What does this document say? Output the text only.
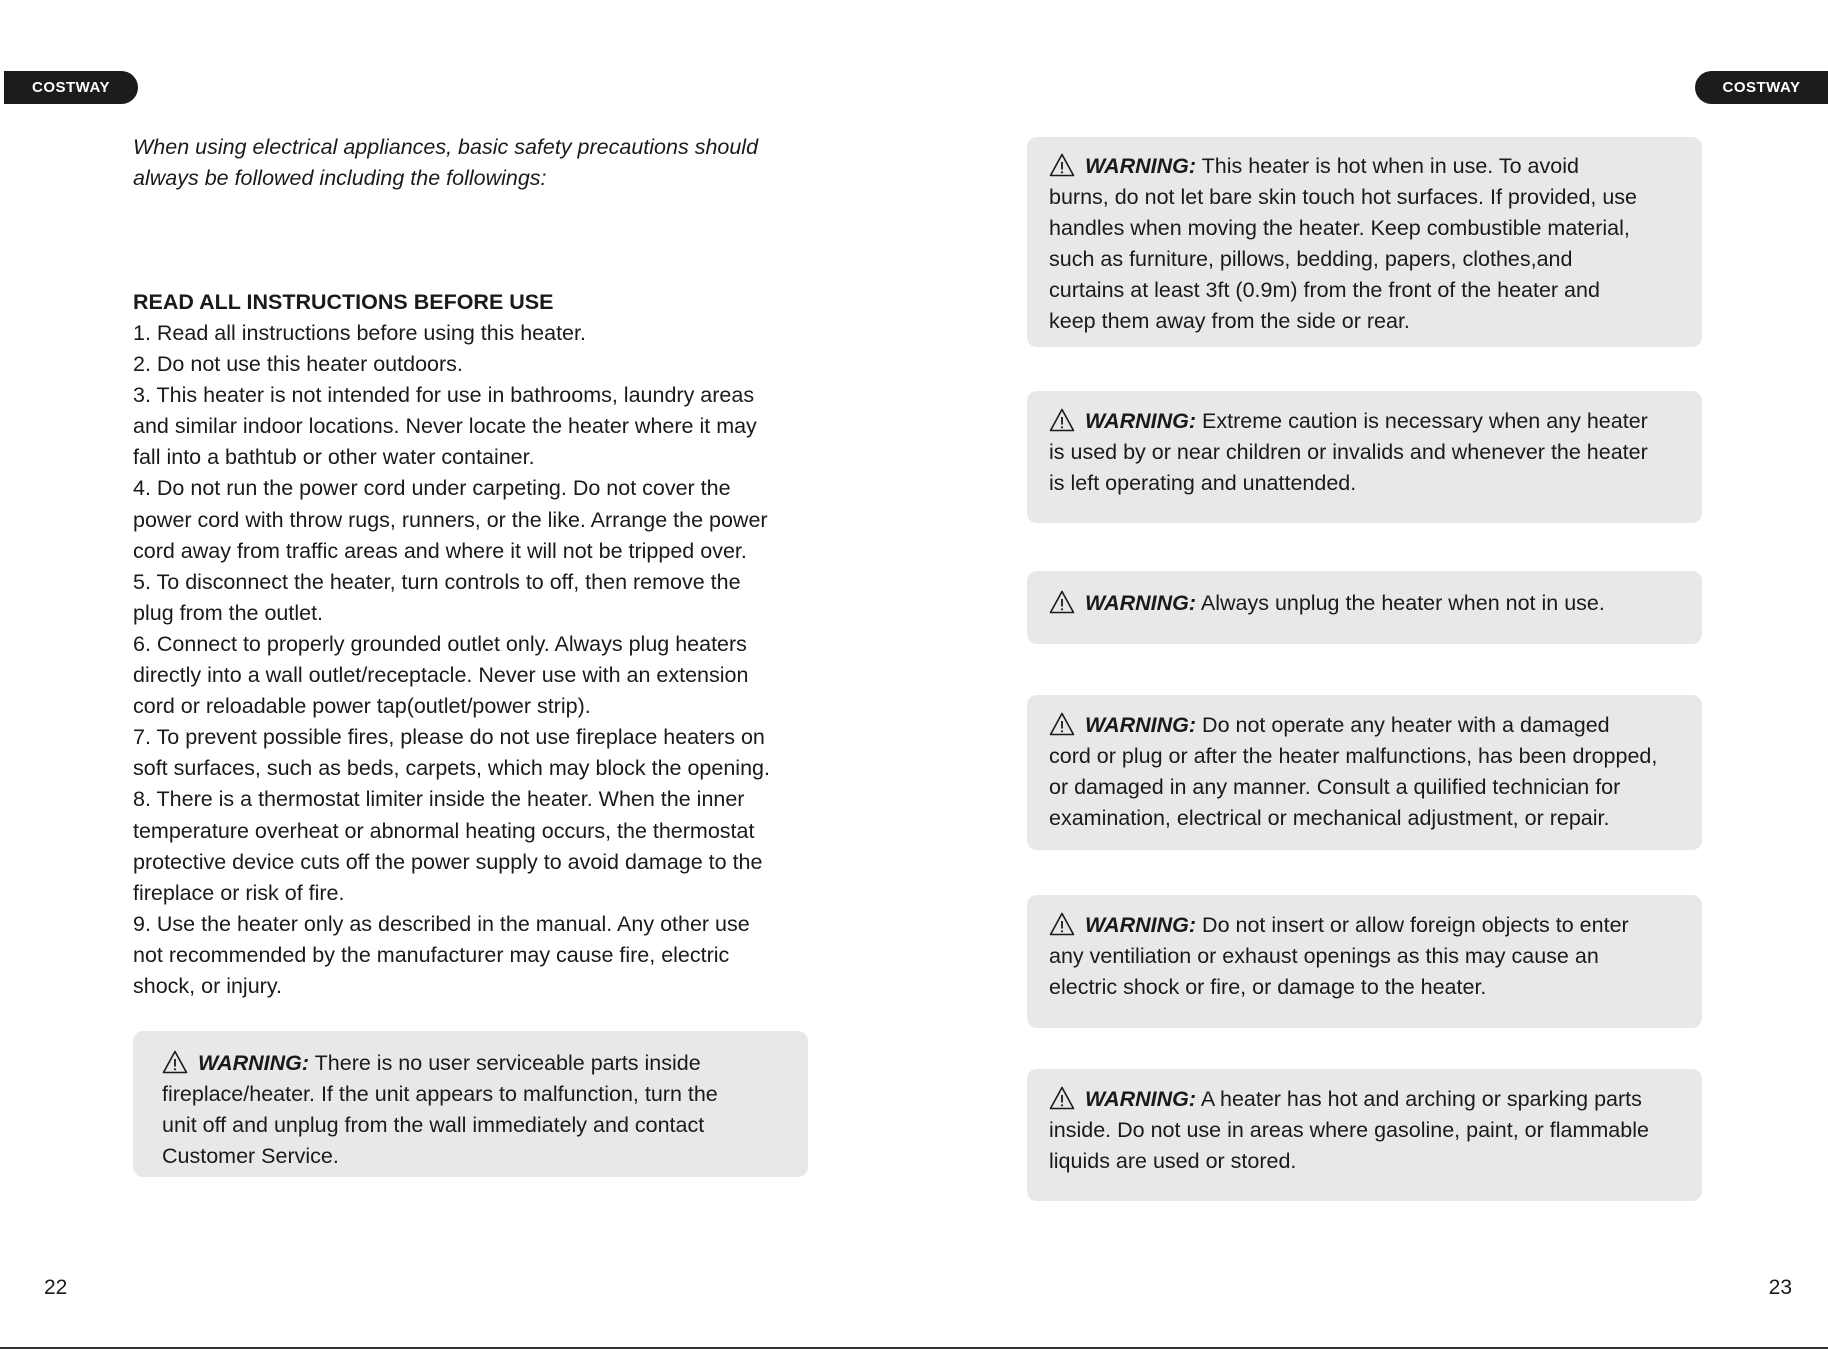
COSTWAY	COSTWAY

When using electrical appliances, basic safety precautions should
always be followed including the followings:

READ ALL INSTRUCTIONS BEFORE USE

1. Read all instructions before using this heater.
2. Do not use this heater outdoors.
3. This heater is not intended for use in bathrooms, laundry areas
and similar indoor locations. Never locate the heater where it may
fall into a bathtub or other water container.
4. Do not run the power cord under carpeting. Do not cover the
power cord with throw rugs, runners, or the like. Arrange the power
cord away from traffic areas and where it will not be tripped over.
5. To disconnect the heater, turn controls to off, then remove the
plug from the outlet.
6. Connect to properly grounded outlet only. Always plug heaters
directly into a wall outlet/receptacle. Never use with an extension
cord or reloadable power tap(outlet/power strip).
7. To prevent possible fires, please do not use fireplace heaters on
soft surfaces, such as beds, carpets, which may block the opening.
8. There is a thermostat limiter inside the heater. When the inner
temperature overheat or abnormal heating occurs, the thermostat
protective device cuts off the power supply to avoid damage to the
fireplace or risk of fire.
9. Use the heater only as described in the manual. Any other use
not recommended by the manufacturer may cause fire, electric
shock, or injury.
WARNING: There is no user serviceable parts inside
fireplace/heater. If the unit appears to malfunction, turn the
unit off and unplug from the wall immediately and contact
Customer Service.
WARNING: This heater is hot when in use. To avoid
burns, do not let bare skin touch hot surfaces. If provided, use
handles when moving the heater. Keep combustible material,
such as furniture, pillows, bedding, papers, clothes,and
curtains at least 3ft (0.9m) from the front of the heater and
keep them away from the side or rear.
WARNING: Extreme caution is necessary when any heater
is used by or near children or invalids and whenever the heater
is left operating and unattended.
WARNING: Always unplug the heater when not in use.
WARNING: Do not operate any heater with a damaged
cord or plug or after the heater malfunctions, has been dropped,
or damaged in any manner. Consult a quilified technician for
examination, electrical or mechanical adjustment, or repair.
WARNING: Do not insert or allow foreign objects to enter
any ventiliation or exhaust openings as this may cause an
electric shock or fire, or damage to the heater.
WARNING: A heater has hot and arching or sparking parts
inside. Do not use in areas where gasoline, paint, or flammable
liquids are used or stored.
22	23
